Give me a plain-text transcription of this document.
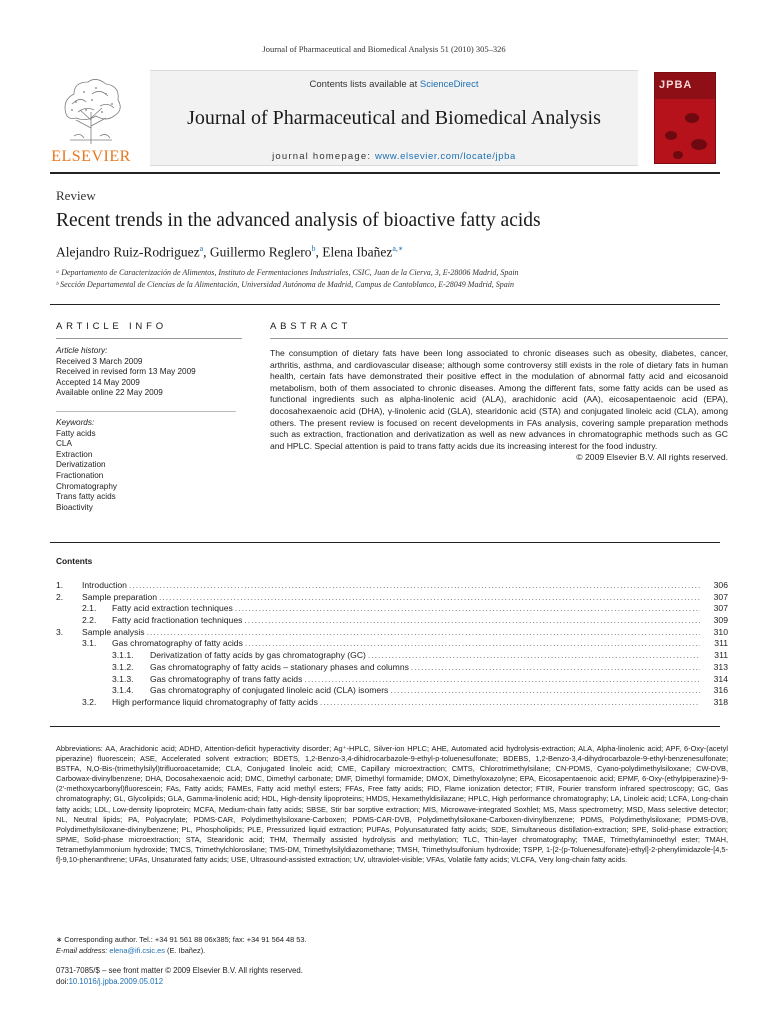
Journal of Pharmaceutical and Biomedical Analysis 51 (2010) 305–326
ELSEVIER
Contents lists available at ScienceDirect
Journal of Pharmaceutical and Biomedical Analysis
journal homepage: www.elsevier.com/locate/jpba
JPBA
Review
Recent trends in the advanced analysis of bioactive fatty acids
Alejandro Ruiz-Rodriguez$^a$, Guillermo Reglero$^b$, Elena Ibañez$^{a,∗}$
ᵃ Departamento de Caracterización de Alimentos, Instituto de Fermentaciones Industriales, CSIC, Juan de la Cierva, 3, E-28006 Madrid, Spain
ᵇ Sección Departamental de Ciencias de la Alimentación, Universidad Autónoma de Madrid, Campus de Cantoblanco, E-28049 Madrid, Spain
ARTICLE INFO	ABSTRACT
Article history:
Received 3 March 2009
Received in revised form 13 May 2009
Accepted 14 May 2009
Available online 22 May 2009
Keywords:
Fatty acids
CLA
Extraction
Derivatization
Fractionation
Chromatography
Trans fatty acids
Bioactivity
The consumption of dietary fats have been long associated to chronic diseases such as obesity, diabetes, cancer, arthritis, asthma, and cardiovascular disease; although some controversy still exists in the role of dietary fats in human health, certain fats have demonstrated their positive effect in the modulation of abnormal fatty acid and eicosanoid metabolism, both of them associated to chronic diseases. Among the different fats, some fatty acids can be used as functional ingredients such as alpha-linolenic acid (ALA), arachidonic acid (AA), eicosapentaenoic acid (EPA), docosahexaenoic acid (DHA), γ-linolenic acid (GLA), stearidonic acid (STA) and conjugated linoleic acid (CLA), among others. The present review is focused on recent developments in FAs analysis, covering sample preparation methods such as extraction, fractionation and derivatization as well as new advances in chromatographic methods such as GC and HPLC. Special attention is paid to trans fatty acids due its increasing interest for the food industry.
© 2009 Elsevier B.V. All rights reserved.
Contents
1.	Introduction .....	306
2.	Sample preparation .....	307
2.1.	Fatty acid extraction techniques .....	307
2.2.	Fatty acid fractionation techniques .....	309
3.	Sample analysis .....	310
3.1.	Gas chromatography of fatty acids .....	311
3.1.1.	Derivatization of fatty acids by gas chromatography (GC) .....	311
3.1.2.	Gas chromatography of fatty acids – stationary phases and columns .....	313
3.1.3.	Gas chromatography of trans fatty acids .....	314
3.1.4.	Gas chromatography of conjugated linoleic acid (CLA) isomers .....	316
3.2.	High performance liquid chromatography of fatty acids .....	318
Abbreviations: AA, Arachidonic acid; ADHD, Attention-deficit hyperactivity disorder; Ag⁺-HPLC, Silver-ion HPLC; AHE, Automated acid hydrolysis-extraction; ALA, Alpha-linolenic acid; APF, 6-Oxy-(acetyl piperazine) fluorescein; ASE, Accelerated solvent extraction; BDETS, 1,2-Benzo-3,4-dihidrocarbazole-9-ethyl-p-toluenesulfonate; BDEBS, 1,2-Benzo-3,4-dihydrocarbazole-9-ethyl-benzenesulfonate; BSTFA, N,O-Bis-(trimethylsilyl)trifluoroacetamide; CLA, Conjugated linoleic acid; CME, Capillary microextraction; CMTS, Chlorotrimethylsilane; CN-PDMS, Cyano-polydimethylsiloxane; CW-DVB, Carbowax-divinylbenzene; DHA, Docosahexaenoic acid; DMC, Dimethyl carbonate; DMF, Dimethyl formamide; DMOX, Dimethyloxazolyne; EPA, Eicosapentaenoic acid; EPMF, 6-Oxy-(ethylpiperazine)-9-(2′-methoxycarbonyl)fluorescein; FAs, Fatty acids; FAMEs, Fatty acid methyl esters; FFAs, Free fatty acids; FID, Flame ionization detector; FTIR, Fourier transform infrared spectroscopy; GC, Gas chromatography; GL, Glycolipids; GLA, Gamma-linolenic acid; HDL, High-density lipoproteins; HMDS, Hexamethyldisilazane; HPLC, High performance chromatography; LA, Linoleic acid; LCFA, Long-chain fatty acids; LDL, Low-density lipoprotein; MCFA, Medium-chain fatty acids; SBSE, Stir bar sorptive extraction; MIS, Microwave-integrated Soxhlet; MS, Mass spectrometry; MSD, Mass selective detector; NL, Neutral lipids; PA, Polyacrylate; PDMS-CAR, Polydimethylsiloxane-Carboxen; PDMS-CAR-DVB, Polydimethylsiloxane-Carboxen-divinylbenzene; PDMS, Polydimethylsiloxane; PDMS-DVB, Polydimethylsiloxane-divinylbenzene; PL, Phospholipids; PLE, Pressurized liquid extraction; PUFAs, Polyunsaturated fatty acids; SDE, Simultaneous distillation-extraction; SPE, Solid-phase extraction; SPME, Solid-phase microextraction; STA, Stearidonic acid; THM, Thermally assisted hydrolysis and methylation; TLC, Thin-layer chromatography; TMAE, Trimethylaminoethyl ester; TMAH, Tetramethylammonium hydroxide; TMCS, Trimethylchlorosilane; TMS-DM, Trimethylsilyldiazomethane; TMSH, Trimethylsulfonium hydroxide; TSPP, 1-[2-(p-Toluenesulfonate)-ethyl]-2-phenylimidazole-[4,5-f]-9,10-phenanthrene; UFAs, Unsaturated fatty acids; USE, Ultrasound-assisted extraction; UV, ultraviolet-visible; VFAs, Volatile fatty acids; VLCFA, Very long-chain fatty acids.
∗ Corresponding author. Tel.: +34 91 561 88 06x385; fax: +34 91 564 48 53.
E-mail address: elena@ifi.csic.es (E. Ibañez).
0731-7085/$ – see front matter © 2009 Elsevier B.V. All rights reserved.
doi:10.1016/j.jpba.2009.05.012
